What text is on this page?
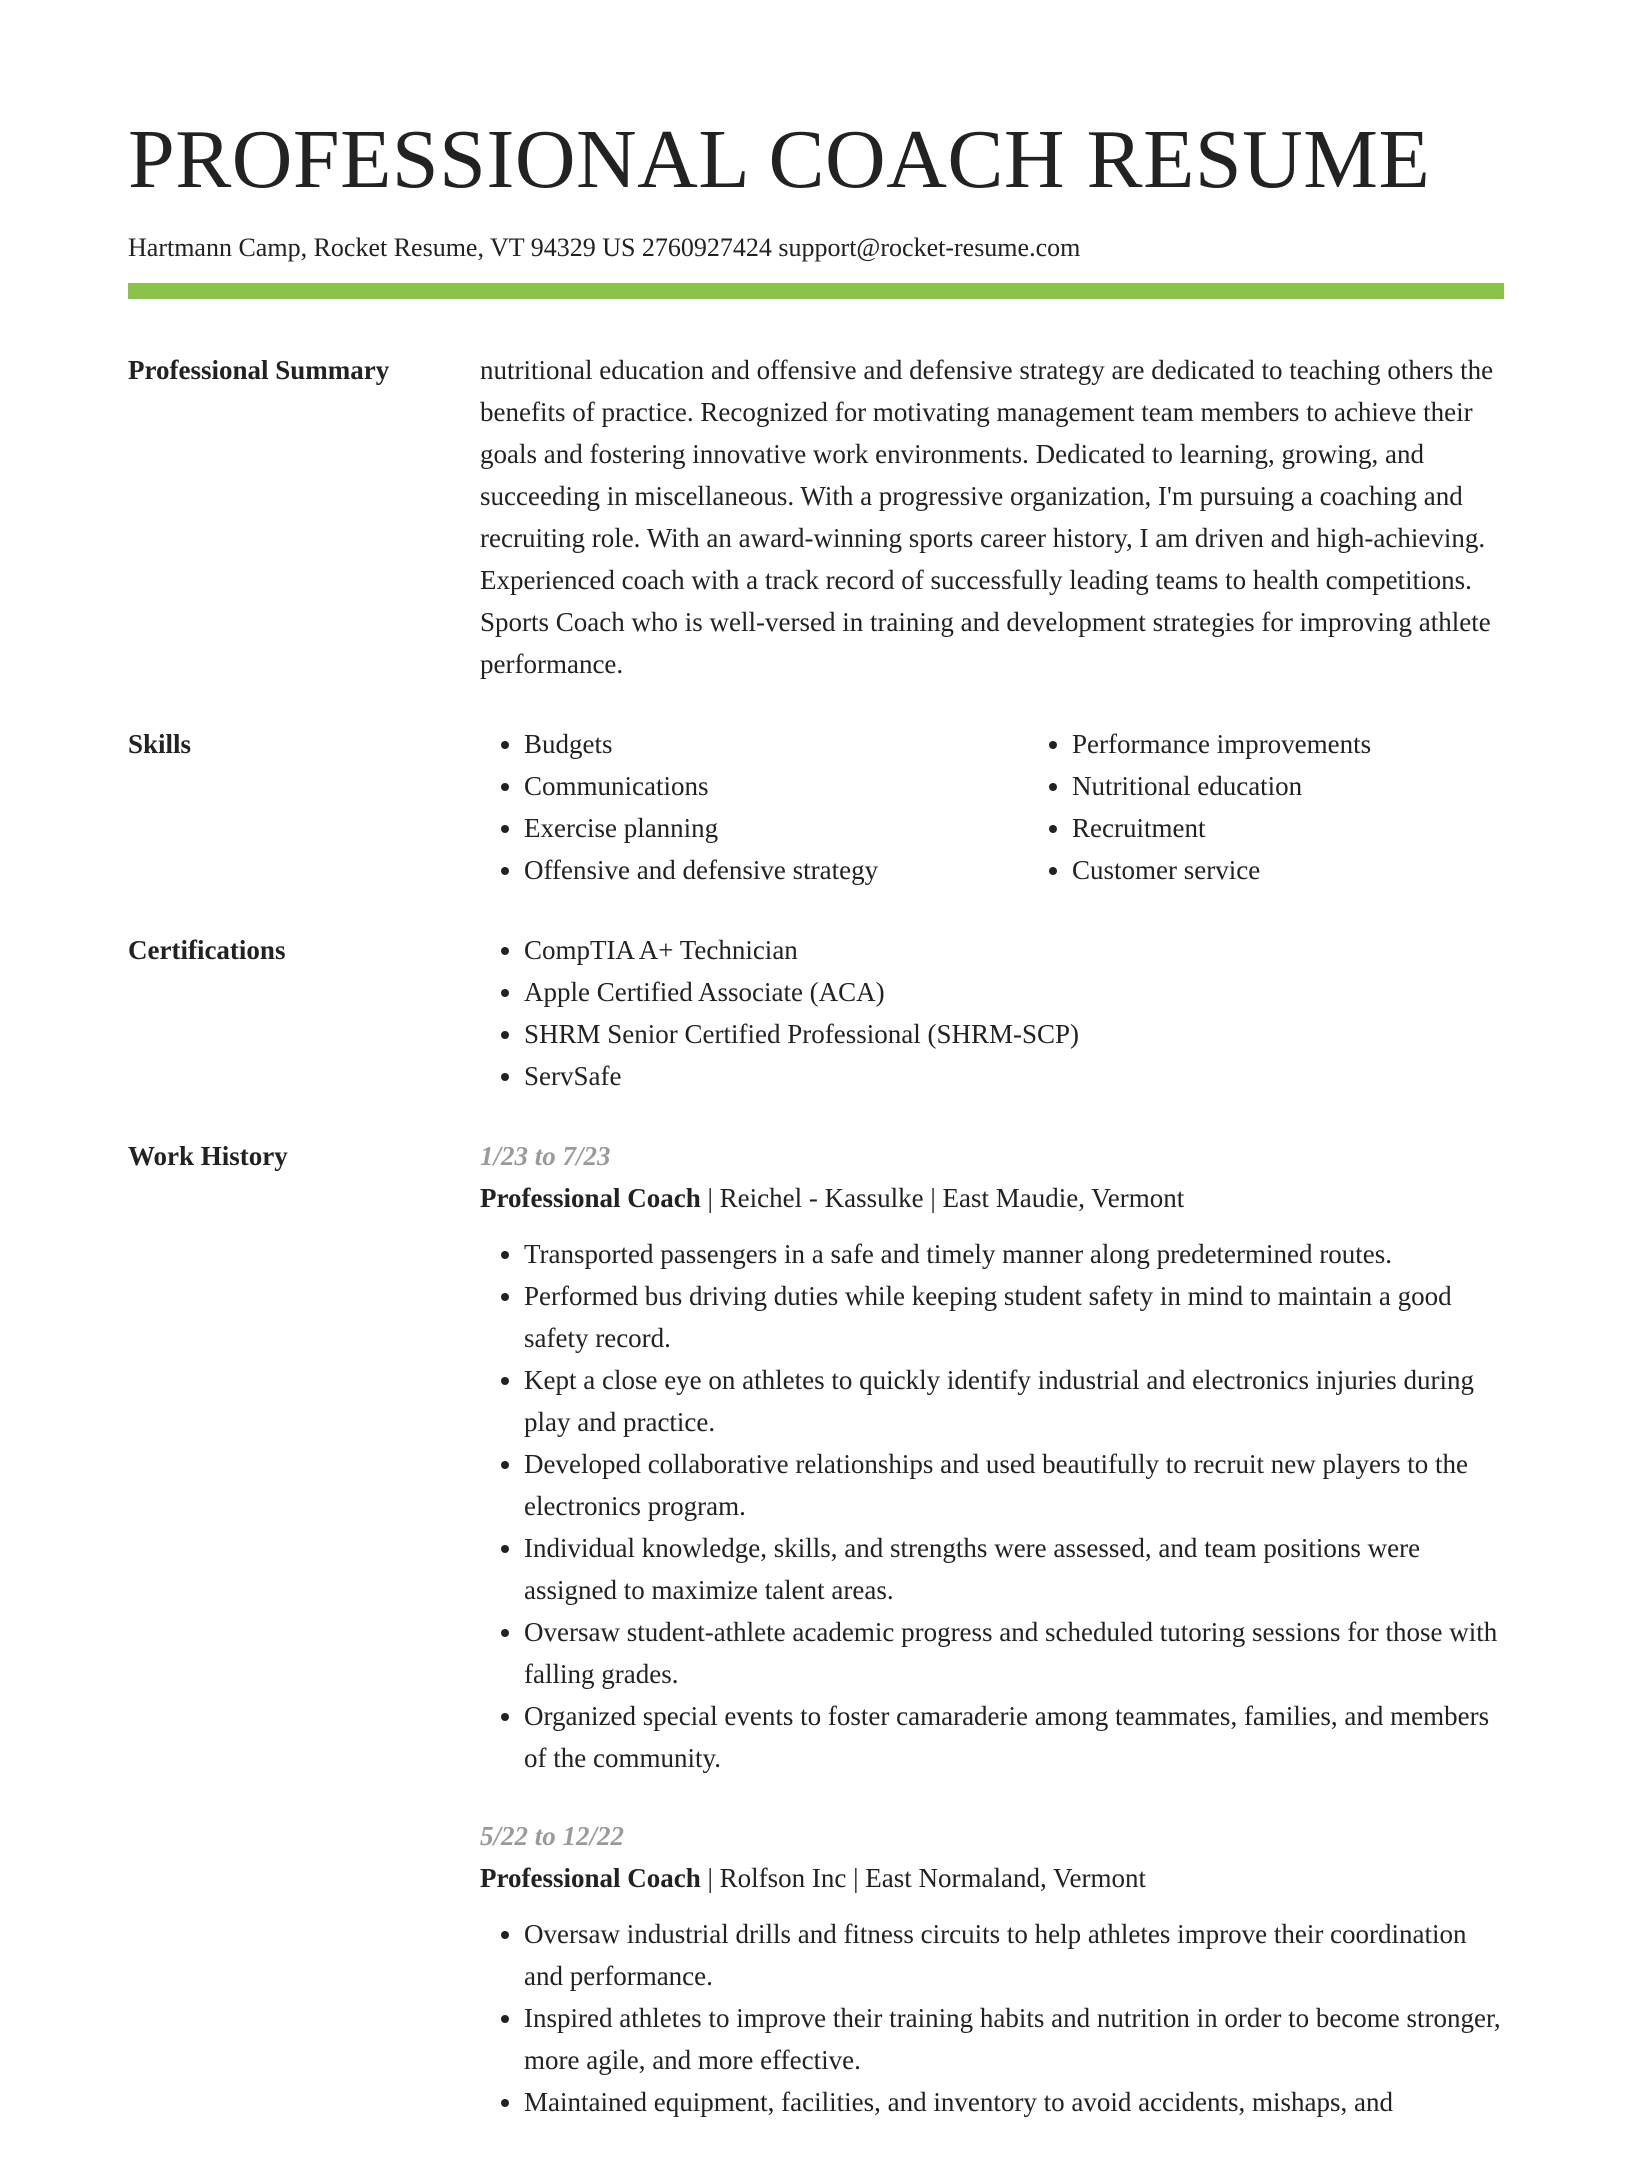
PROFESSIONAL COACH RESUME
Hartmann Camp, Rocket Resume, VT 94329 US 2760927424 support@rocket-resume.com
Professional Summary	nutritional education and offensive and defensive strategy are dedicated to teaching others the benefits of practice. Recognized for motivating management team members to achieve their goals and fostering innovative work environments. Dedicated to learning, growing, and succeeding in miscellaneous. With a progressive organization, I'm pursuing a coaching and recruiting role. With an award-winning sports career history, I am driven and high-achieving. Experienced coach with a track record of successfully leading teams to health competitions. Sports Coach who is well-versed in training and development strategies for improving athlete performance.

Skills	• Budgets
• Communications
• Exercise planning
• Offensive and defensive strategy
• Performance improvements
• Nutritional education
• Recruitment
• Customer service
Certifications	• CompTIA A+ Technician
• Apple Certified Associate (ACA)
• SHRM Senior Certified Professional (SHRM-SCP)
• ServSafe
Work History	1/23 to 7/23
Professional Coach | Reichel - Kassulke | East Maudie, Vermont
• Transported passengers in a safe and timely manner along predetermined routes.
• Performed bus driving duties while keeping student safety in mind to maintain a good safety record.
• Kept a close eye on athletes to quickly identify industrial and electronics injuries during play and practice.
• Developed collaborative relationships and used beautifully to recruit new players to the electronics program.
• Individual knowledge, skills, and strengths were assessed, and team positions were assigned to maximize talent areas.
• Oversaw student-athlete academic progress and scheduled tutoring sessions for those with falling grades.
• Organized special events to foster camaraderie among teammates, families, and members of the community.
5/22 to 12/22
Professional Coach | Rolfson Inc | East Normaland, Vermont
• Oversaw industrial drills and fitness circuits to help athletes improve their coordination and performance.
• Inspired athletes to improve their training habits and nutrition in order to become stronger, more agile, and more effective.
• Maintained equipment, facilities, and inventory to avoid accidents, mishaps, and
